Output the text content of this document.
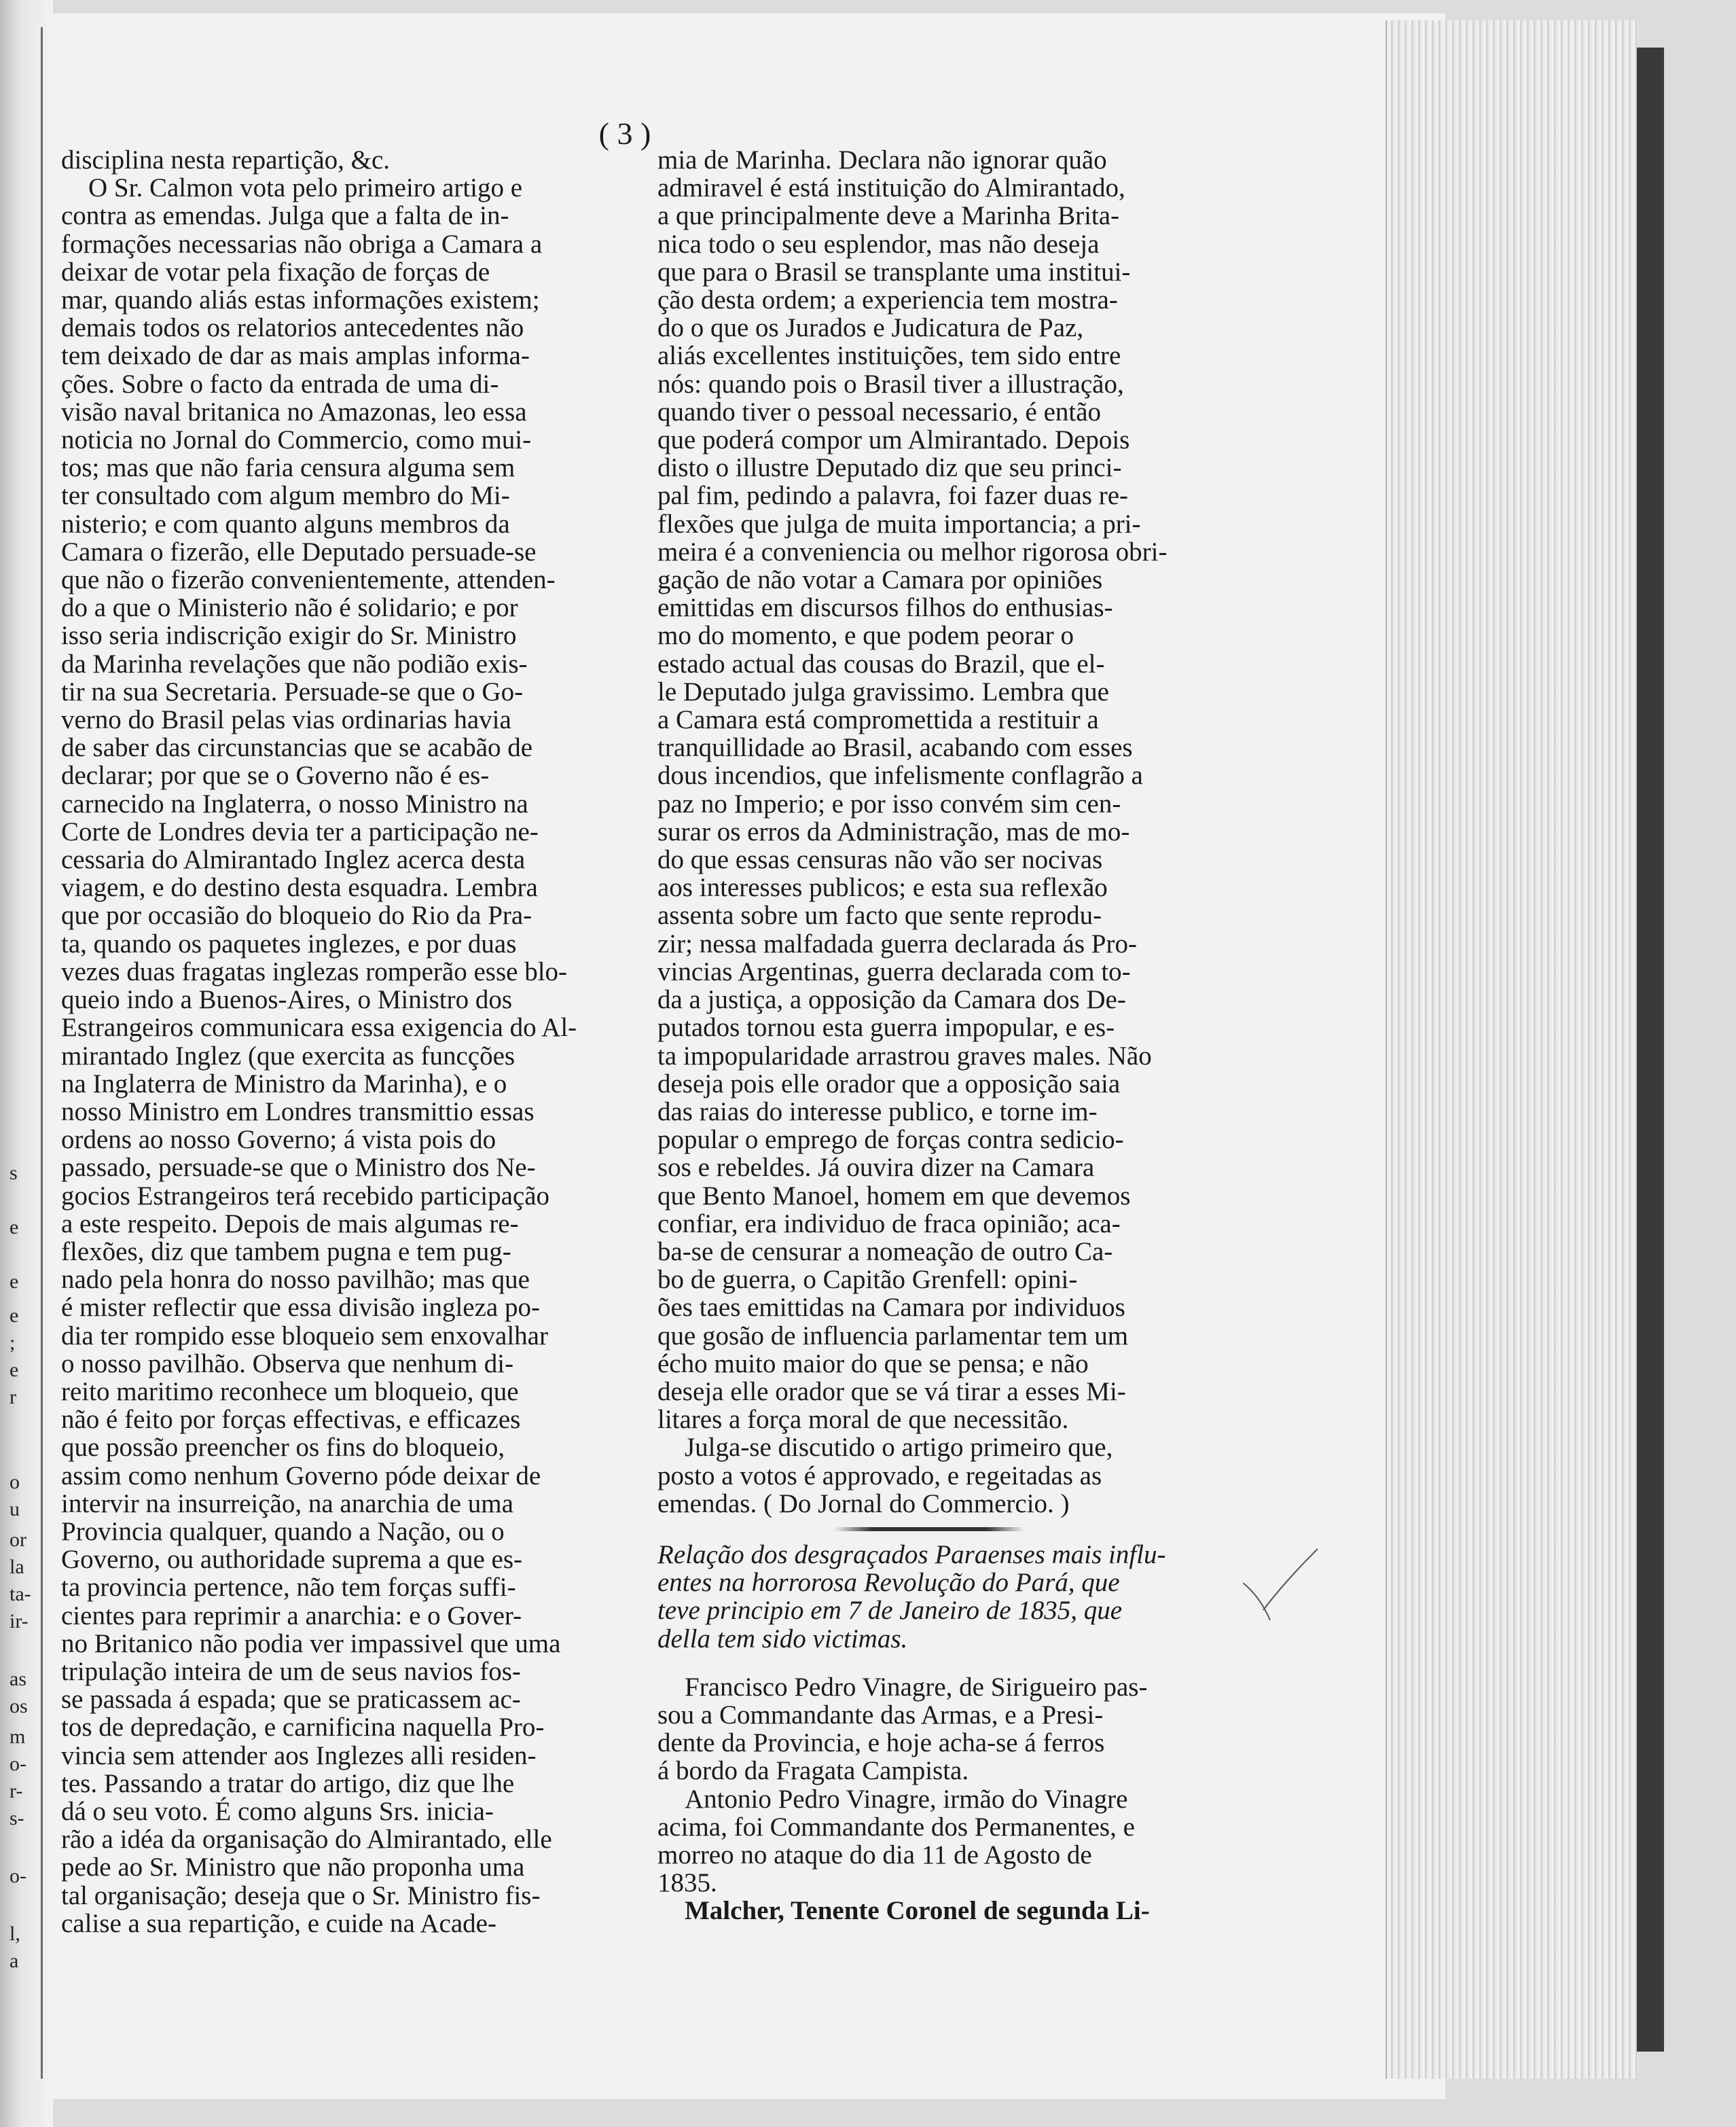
s
e
e
e
;
e
r
o
u
or
la
ta-
ir-
as
os
m
o-
r-
s-
o-
l,
a
( 3 )

disciplina nesta repartição, &c.

O Sr. Calmon vota pelo primeiro artigo e

contra as emendas. Julga que a falta de in-

formações necessarias não obriga a Camara a

deixar de votar pela fixação de forças de

mar, quando aliás estas informações existem;

demais todos os relatorios antecedentes não

tem deixado de dar as mais amplas informa-

ções. Sobre o facto da entrada de uma di-

visão naval britanica no Amazonas, leo essa

noticia no Jornal do Commercio, como mui-

tos; mas que não faria censura alguma sem

ter consultado com algum membro do Mi-

nisterio; e com quanto alguns membros da

Camara o fizerão, elle Deputado persuade-se

que não o fizerão convenientemente, attenden-

do a que o Ministerio não é solidario; e por

isso seria indiscrição exigir do Sr. Ministro

da Marinha revelações que não podião exis-

tir na sua Secretaria. Persuade-se que o Go-

verno do Brasil pelas vias ordinarias havia

de saber das circunstancias que se acabão de

declarar; por que se o Governo não é es-

carnecido na Inglaterra, o nosso Ministro na

Corte de Londres devia ter a participação ne-

cessaria do Almirantado Inglez acerca desta

viagem, e do destino desta esquadra. Lembra

que por occasião do bloqueio do Rio da Pra-

ta, quando os paquetes inglezes, e por duas

vezes duas fragatas inglezas romperão esse blo-

queio indo a Buenos-Aires, o Ministro dos

Estrangeiros communicara essa exigencia do Al-

mirantado Inglez (que exercita as funcções

na Inglaterra de Ministro da Marinha), e o

nosso Ministro em Londres transmittio essas

ordens ao nosso Governo; á vista pois do

passado, persuade-se que o Ministro dos Ne-

gocios Estrangeiros terá recebido participação

a este respeito. Depois de mais algumas re-

flexões, diz que tambem pugna e tem pug-

nado pela honra do nosso pavilhão; mas que

é mister reflectir que essa divisão ingleza po-

dia ter rompido esse bloqueio sem enxovalhar

o nosso pavilhão. Observa que nenhum di-

reito maritimo reconhece um bloqueio, que

não é feito por forças effectivas, e efficazes

que possão preencher os fins do bloqueio,

assim como nenhum Governo póde deixar de

intervir na insurreição, na anarchia de uma

Provincia qualquer, quando a Nação, ou o

Governo, ou authoridade suprema a que es-

ta provincia pertence, não tem forças suffi-

cientes para reprimir a anarchia: e o Gover-

no Britanico não podia ver impassivel que uma

tripulação inteira de um de seus navios fos-

se passada á espada; que se praticassem ac-

tos de depredação, e carnificina naquella Pro-

vincia sem attender aos Inglezes alli residen-

tes. Passando a tratar do artigo, diz que lhe

dá o seu voto. É como alguns Srs. inicia-

rão a idéa da organisação do Almirantado, elle

pede ao Sr. Ministro que não proponha uma

tal organisação; deseja que o Sr. Ministro fis-

calise a sua repartição, e cuide na Acade-

mia de Marinha. Declara não ignorar quão

admiravel é está instituição do Almirantado,

a que principalmente deve a Marinha Brita-

nica todo o seu esplendor, mas não deseja

que para o Brasil se transplante uma institui-

ção desta ordem; a experiencia tem mostra-

do o que os Jurados e Judicatura de Paz,

aliás excellentes instituições, tem sido entre

nós: quando pois o Brasil tiver a illustração,

quando tiver o pessoal necessario, é então

que poderá compor um Almirantado. Depois

disto o illustre Deputado diz que seu princi-

pal fim, pedindo a palavra, foi fazer duas re-

flexões que julga de muita importancia; a pri-

meira é a conveniencia ou melhor rigorosa obri-

gação de não votar a Camara por opiniões

emittidas em discursos filhos do enthusias-

mo do momento, e que podem peorar o

estado actual das cousas do Brazil, que el-

le Deputado julga gravissimo. Lembra que

a Camara está compromettida a restituir a

tranquillidade ao Brasil, acabando com esses

dous incendios, que infelismente conflagrão a

paz no Imperio; e por isso convém sim cen-

surar os erros da Administração, mas de mo-

do que essas censuras não vão ser nocivas

aos interesses publicos; e esta sua reflexão

assenta sobre um facto que sente reprodu-

zir; nessa malfadada guerra declarada ás Pro-

vincias Argentinas, guerra declarada com to-

da a justiça, a opposição da Camara dos De-

putados tornou esta guerra impopular, e es-

ta impopularidade arrastrou graves males. Não

deseja pois elle orador que a opposição saia

das raias do interesse publico, e torne im-

popular o emprego de forças contra sedicio-

sos e rebeldes. Já ouvira dizer na Camara

que Bento Manoel, homem em que devemos

confiar, era individuo de fraca opinião; aca-

ba-se de censurar a nomeação de outro Ca-

bo de guerra, o Capitão Grenfell: opini-

ões taes emittidas na Camara por individuos

que gosão de influencia parlamentar tem um

écho muito maior do que se pensa; e não

deseja elle orador que se vá tirar a esses Mi-

litares a força moral de que necessitão.

Julga-se discutido o artigo primeiro que,

posto a votos é approvado, e regeitadas as

emendas. ( Do Jornal do Commercio. )

Relação dos desgraçados Paraenses mais influ-

entes na horrorosa Revolução do Pará, que

teve principio em 7 de Janeiro de 1835, que

della tem sido victimas.

Francisco Pedro Vinagre, de Sirigueiro pas-

sou a Commandante das Armas, e a Presi-

dente da Provincia, e hoje acha-se á ferros

á bordo da Fragata Campista.

Antonio Pedro Vinagre, irmão do Vinagre

acima, foi Commandante dos Permanentes, e

morreo no ataque do dia 11 de Agosto de

1835.

Malcher, Tenente Coronel de segunda Li-
